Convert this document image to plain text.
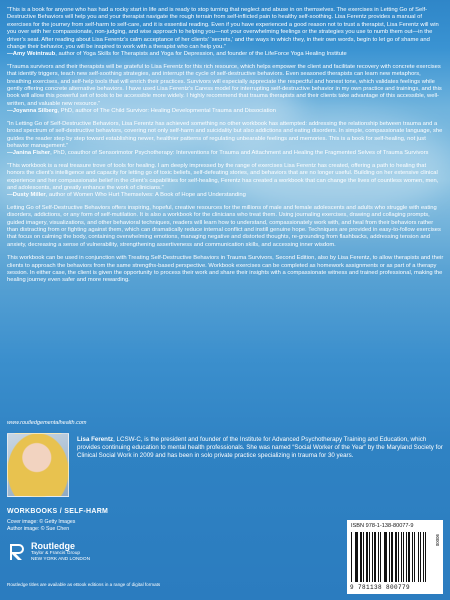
“This is a book for anyone who has had a rocky start in life and is ready to stop turning that neglect and abuse in on themselves. The exercises in Letting Go of Self-Destructive Behaviors will help you and your therapist navigate the rough terrain from self-inflicted pain to healthy self-soothing. Lisa Ferentz provides a manual of exercises for the journey from self-harm to self-care, and it is essential reading. Even if you have experienced a good reason not to trust a therapist, Lisa Ferentz will win you over with her compassionate, non-judging, and wise approach to helping you—not your overwhelming feelings or the strategies you use to numb them out—in the driver’s seat. After reading about Lisa Ferentz’s calm acceptance of her clients’ ‘secrets,’ and the ways in which they, in their own words, begin to let go of shame and change their behavior, you will be inspired to work with a therapist who can help you.”

—Amy Weintraub, author of Yoga Skills for Therapists and Yoga for Depression, and founder of the LifeForce Yoga Healing Institute

“Trauma survivors and their therapists will be grateful to Lisa Ferentz for this rich resource, which helps empower the client and facilitate recovery with concrete exercises that identify triggers, teach new self-soothing strategies, and interrupt the cycle of self-destructive behaviors. Even seasoned therapists can learn new metaphors, breathing exercises, and self-help tools that will enrich their practices. Survivors will especially appreciate the respectful and honest tone, which validates feelings while gently offering concrete alternative behaviors. I have used Lisa Ferentz’s Caress model for interrupting self-destructive behavior in my own practice and trainings, and this book will allow this powerful set of tools to be accessible more widely. I highly recommend that trauma therapists and their clients take advantage of this accessible, well-written, and valuable new resource.”

—Joyanna Silberg, PhD, author of The Child Survivor: Healing Developmental Trauma and Dissociation

“In Letting Go of Self-Destructive Behaviors, Lisa Ferentz has achieved something no other workbook has attempted: addressing the relationship between trauma and a broad spectrum of self-destructive behaviors, covering not only self-harm and suicidality but also addictions and eating disorders. In simple, compassionate language, she guides the reader step by step toward establishing newer, healthier patterns of regulating unbearable feelings and memories. This is a book for self-healing, not just behavior management.”

—Janina Fisher, PhD, coauthor of Sensorimotor Psychotherapy: Interventions for Trauma and Attachment and Healing the Fragmented Selves of Trauma Survivors

“This workbook is a real treasure trove of tools for healing. I am deeply impressed by the range of exercises Lisa Ferentz has created, offering a path to healing that honors the client’s intelligence and capacity for letting go of toxic beliefs, self-defeating stories, and behaviors that are no longer useful. Building on her extensive clinical experience and her compassionate belief in the client’s capabilities for self-healing, Ferentz has created a workbook that can change the lives of countless women, men, and adolescents, and greatly enhance the work of clinicians.”

—Dusty Miller, author of Women Who Hurt Themselves: A Book of Hope and Understanding

Letting Go of Self-Destructive Behaviors offers inspiring, hopeful, creative resources for the millions of male and female adolescents and adults who struggle with eating disorders, addictions, or any form of self-mutilation. It is also a workbook for the clinicians who treat them. Using journaling exercises, drawing and collaging prompts, guided imagery, visualizations, and other behavioral techniques, readers will learn how to understand, compassionately work with, and heal from their behaviors rather than distracting from or fighting against them, which can dramatically reduce internal conflict and instill genuine hope. Techniques are provided in easy-to-follow exercises that focus on calming the body, containing overwhelming emotions, managing negative and distorted thoughts, re-grounding from flashbacks, addressing tension and anxiety, decreasing a sense of vulnerability, strengthening assertiveness and communication skills, and accessing inner wisdom.

This workbook can be used in conjunction with Treating Self-Destructive Behaviors in Trauma Survivors, Second Edition, also by Lisa Ferentz, to allow therapists and their clients to approach the behaviors from the same strengths-based perspective. Workbook exercises can be completed as homework assignments or as part of a therapy session. In either case, the client is given the opportunity to process their work and share their insights with a compassionate witness and trained professional, making the healing journey even safer and more rewarding.

www.routledgementalhealth.com

Lisa Ferentz, LCSW-C, is the president and founder of the Institute for Advanced Psychotherapy Training and Education, which provides continuing education to mental health professionals. She was named “Social Worker of the Year” by the Maryland Society for Clinical Social Work in 2009 and has been in solo private practice specializing in trauma for 30 years.

WORKBOOKS / SELF-HARM
Cover image: © Getty Images
Author image: © Sue Chen
Routledge
Taylor & Francis Group
NEW YORK AND LONDON
Routledge titles are available as eBook editions in a range of digital formats
ISBN 978-1-138-80077-9
9 781138 800779
90000
